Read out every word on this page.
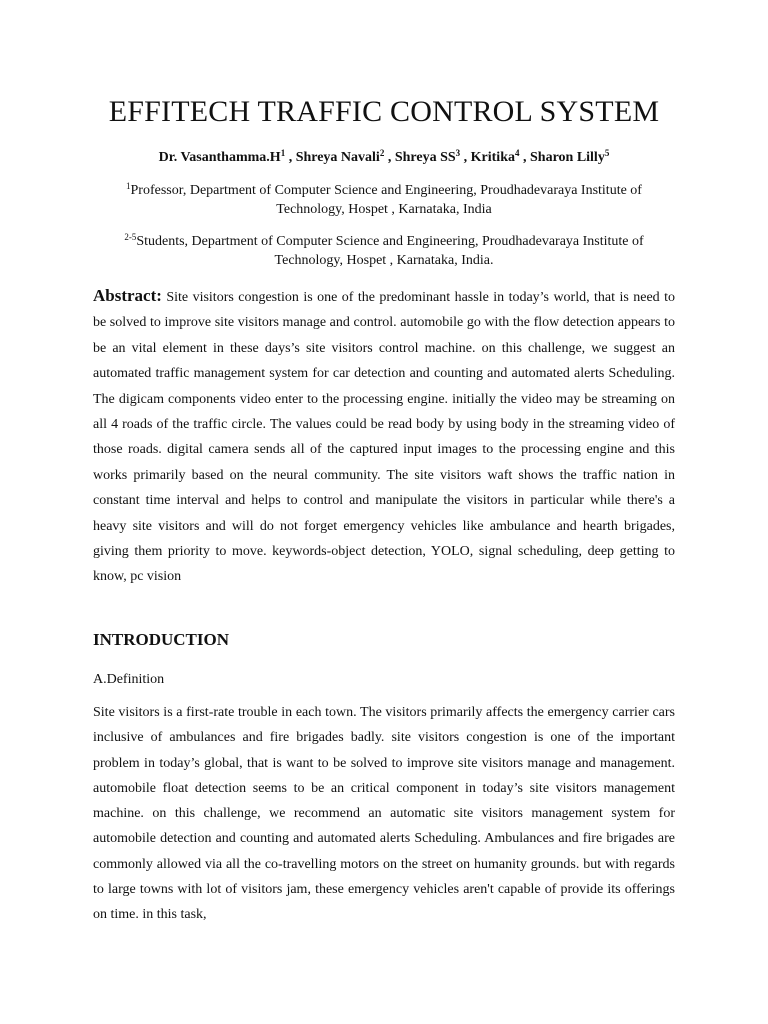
EFFITECH TRAFFIC CONTROL SYSTEM
Dr. $Vasanthamma.H^1$ , Shreya Navali$^2$ , Shreya $SS^3$ , Kritika$^4$ , Sharon Lilly$^5$
$^1$Professor, Department of Computer Science and Engineering, Proudhadevaraya Institute of Technology, Hospet , Karnataka, India
$^{2-5}$Students, Department of Computer Science and Engineering, Proudhadevaraya Institute of Technology, Hospet , Karnataka, India.
Abstract: Site visitors congestion is one of the predominant hassle in today’s world, that is need to be solved to improve site visitors manage and control. automobile go with the flow detection appears to be an vital element in these days’s site visitors control machine. on this challenge, we suggest an automated traffic management system for car detection and counting and automated alerts Scheduling. The digicam components video enter to the processing engine. initially the video may be streaming on all 4 roads of the traffic circle. The values could be read body by using body in the streaming video of those roads. digital camera sends all of the captured input images to the processing engine and this works primarily based on the neural community. The site visitors waft shows the traffic nation in constant time interval and helps to control and manipulate the visitors in particular while there's a heavy site visitors and will do not forget emergency vehicles like ambulance and hearth brigades, giving them priority to move. keywords-object detection, YOLO, signal scheduling, deep getting to know, pc vision
INTRODUCTION
A.Definition
Site visitors is a first-rate trouble in each town. The visitors primarily affects the emergency carrier cars inclusive of ambulances and fire brigades badly. site visitors congestion is one of the important problem in today’s global, that is want to be solved to improve site visitors manage and management. automobile float detection seems to be an critical component in today’s site visitors management machine. on this challenge, we recommend an automatic site visitors management system for automobile detection and counting and automated alerts Scheduling. Ambulances and fire brigades are commonly allowed via all the co-travelling motors on the street on humanity grounds. but with regards to large towns with lot of visitors jam, these emergency vehicles aren't capable of provide its offerings on time. in this task,
